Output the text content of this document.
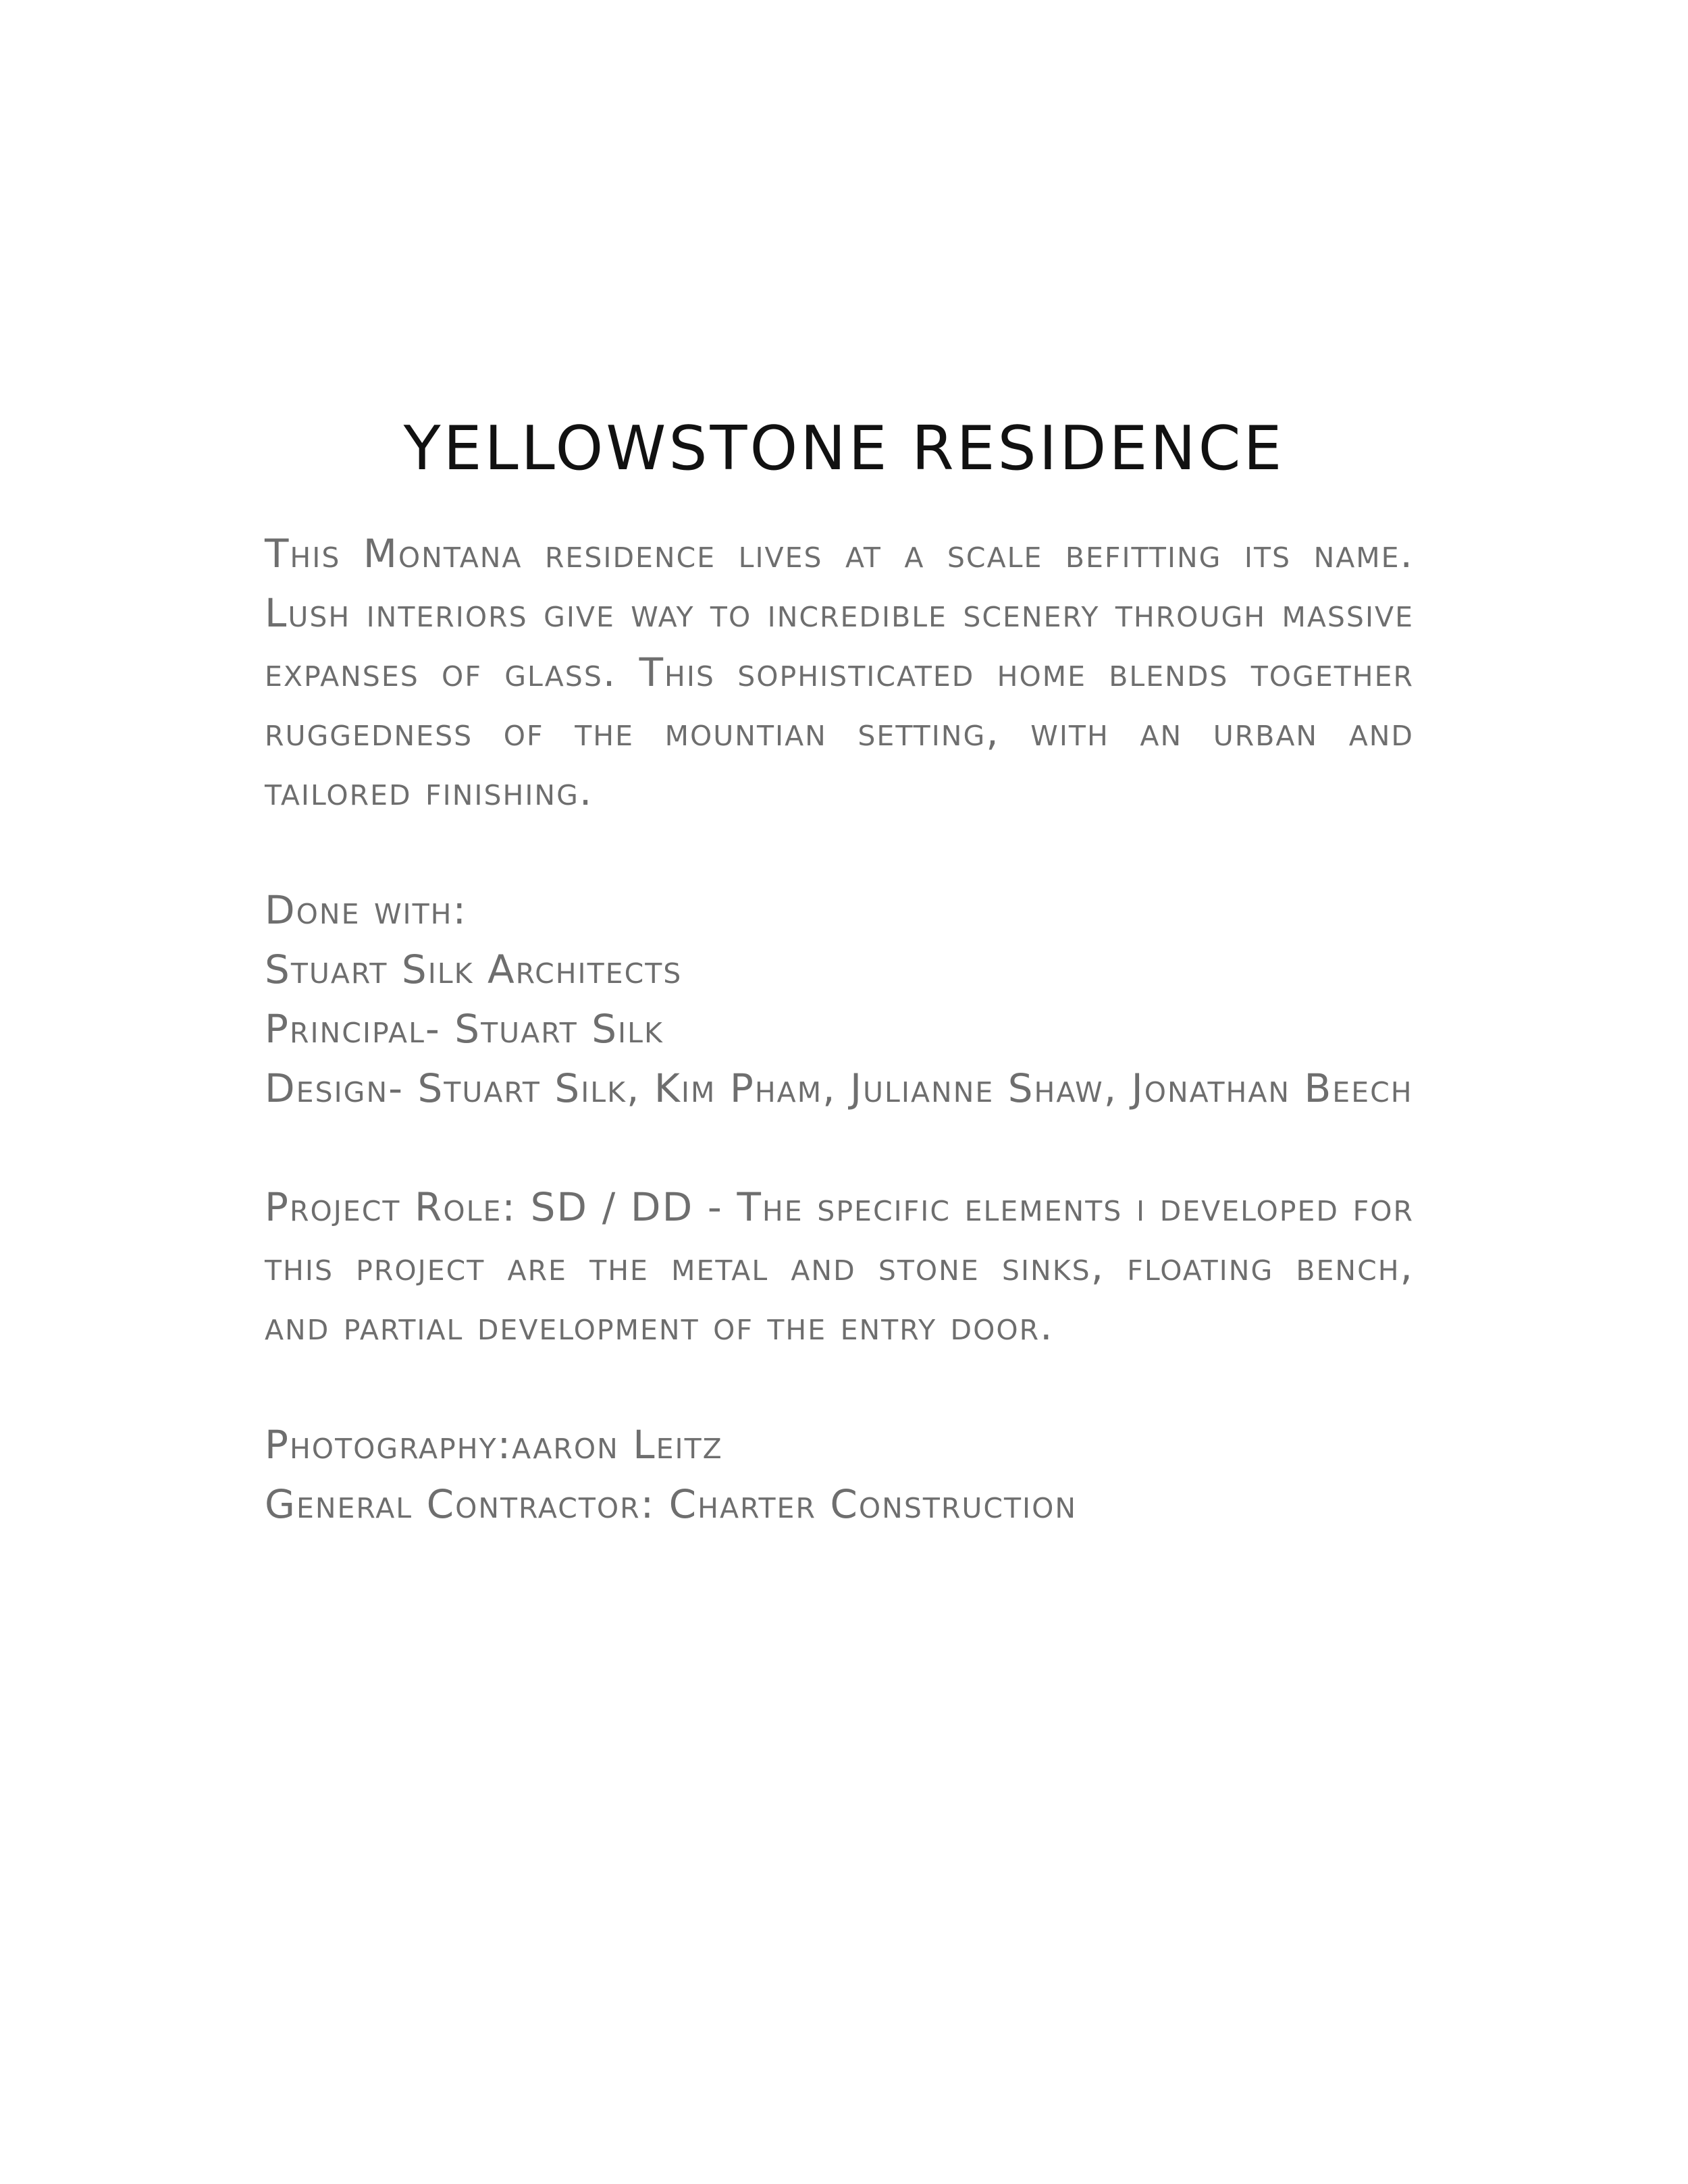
YELLOWSTONE RESIDENCE

This Montana residence lives at a scale befitting its name. Lush interiors give way to incredible scenery through massive expanses of glass. This sophisticated home blends together ruggedness of the mountian setting, with an urban and tailored finishing.

Done with:
Stuart Silk Architects
Principal- Stuart Silk
Design- Stuart Silk, Kim Pham, Julianne Shaw, Jonathan Beech

Project Role: SD / DD - The specific elements i developed for this project are the metal and stone sinks, floating bench, and partial development of the entry door.

Photography:aaron Leitz
General Contractor: Charter Construction
